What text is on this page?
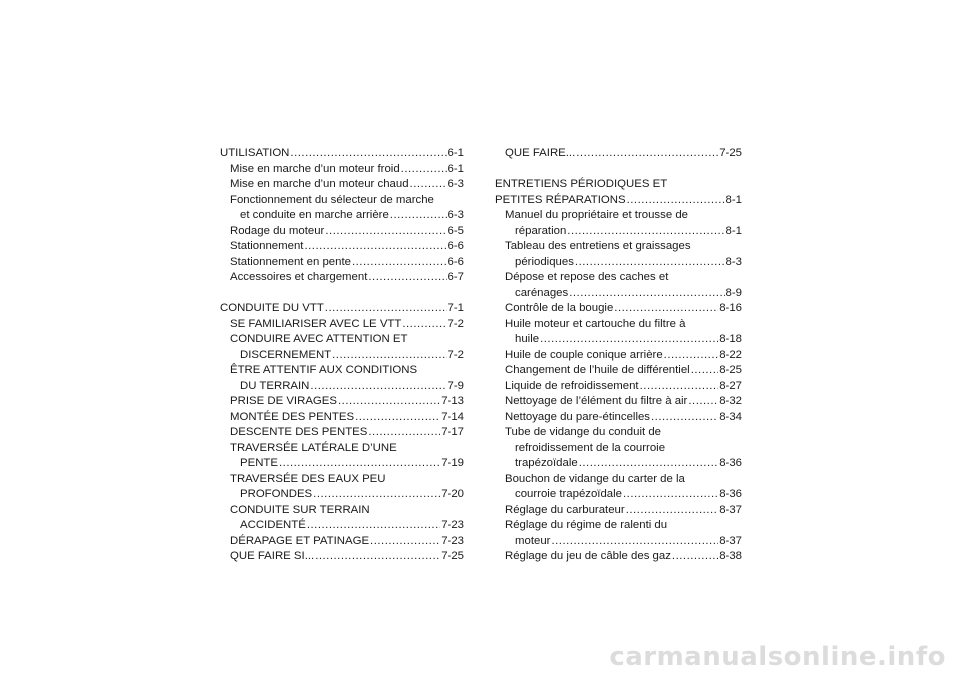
UTILISATION .....	6-1
Mise en marche d’un moteur froid .....	6-1
Mise en marche d’un moteur chaud .....	6-3
Fonctionnement du sélecteur de marche
et conduite en marche arrière .....	6-3
Rodage du moteur .....	6-5
Stationnement .....	6-6
Stationnement en pente .....	6-6
Accessoires et chargement .....	6-7
CONDUITE DU VTT .....	7-1
SE FAMILIARISER AVEC LE VTT .....	7-2
CONDUIRE AVEC ATTENTION ET
DISCERNEMENT .....	7-2
ÊTRE ATTENTIF AUX CONDITIONS
DU TERRAIN .....	7-9
PRISE DE VIRAGES .....	7-13
MONTÉE DES PENTES .....	7-14
DESCENTE DES PENTES .....	7-17
TRAVERSÉE LATÉRALE D’UNE
PENTE .....	7-19
TRAVERSÉE DES EAUX PEU
PROFONDES .....	7-20
CONDUITE SUR TERRAIN
ACCIDENTÉ .....	7-23
DÉRAPAGE ET PATINAGE .....	7-23
QUE FAIRE SI... .....	7-25
QUE FAIRE... .....	7-25
ENTRETIENS PÉRIODIQUES ET
PETITES RÉPARATIONS .....	8-1
Manuel du propriétaire et trousse de
réparation .....	8-1
Tableau des entretiens et graissages
périodiques .....	8-3
Dépose et repose des caches et
carénages .....	8-9
Contrôle de la bougie .....	8-16
Huile moteur et cartouche du filtre à
huile .....	8-18
Huile de couple conique arrière .....	8-22
Changement de l’huile de différentiel .....	8-25
Liquide de refroidissement .....	8-27
Nettoyage de l’élément du filtre à air .....	8-32
Nettoyage du pare-étincelles .....	8-34
Tube de vidange du conduit de
refroidissement de la courroie
trapézoïdale .....	8-36
Bouchon de vidange du carter de la
courroie trapézoïdale .....	8-36
Réglage du carburateur .....	8-37
Réglage du régime de ralenti du
moteur .....	8-37
Réglage du jeu de câble des gaz .....	8-38
carmanualsonline.info
